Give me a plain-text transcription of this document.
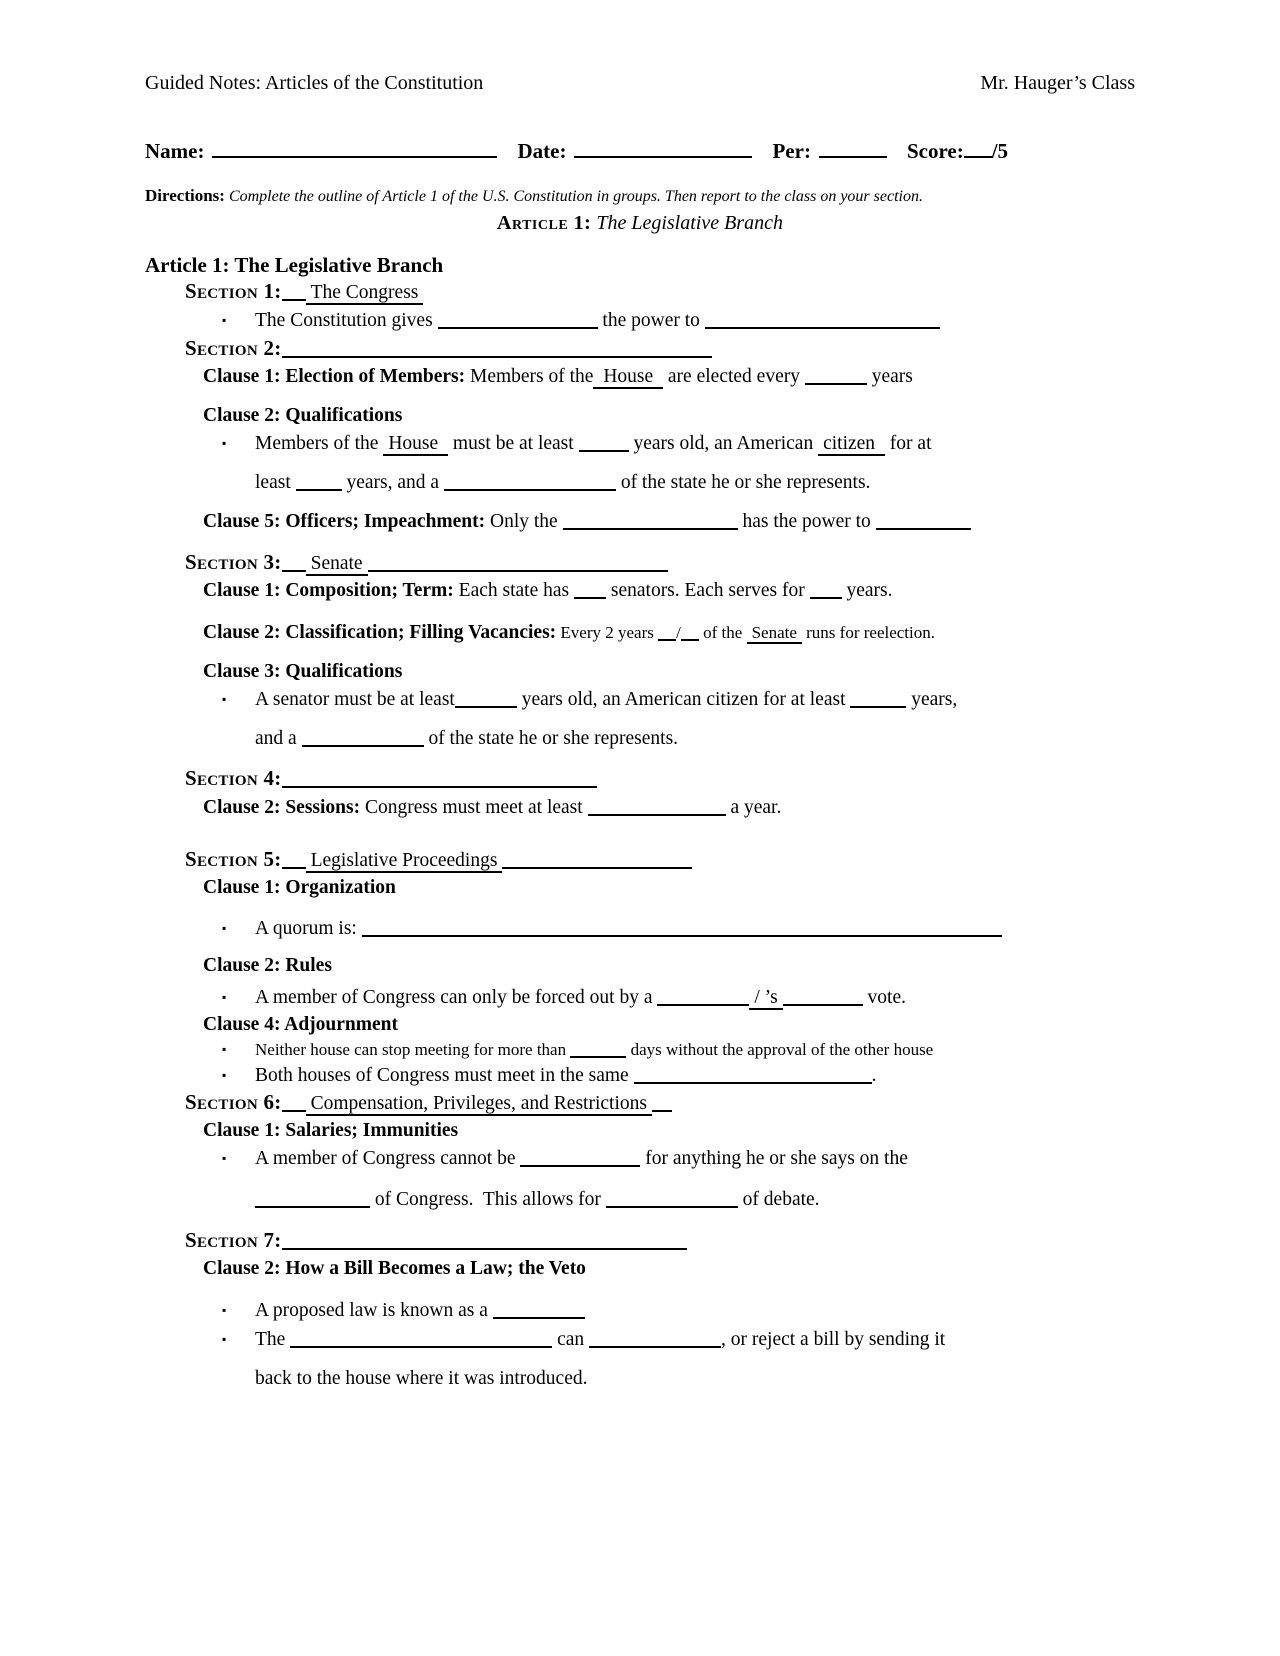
Guided Notes: Articles of the Constitution	Mr. Hauger’s Class
Name:	Date:	Per:	Score: /5
Directions: Complete the outline of Article 1 of the U.S. Constitution in groups. Then report to the class on your section.
Article 1: The Legislative Branch
Article 1: The Legislative Branch
Section 1: The Congress
▪ The Constitution gives	the power to
Section 2:
Clause 1: Election of Members: Members of the House  are elected every	years
Clause 2: Qualifications
▪ Members of the House  must be at least	years old, an American citizen  for at
least  years, and a	of the state he or she represents.
Clause 5: Officers; Impeachment: Only the	has the power to
Section 3: Senate
Clause 1: Composition; Term: Each state has  senators. Each serves for  years.
Clause 2: Classification; Filling Vacancies: Every 2 years / of the Senate runs for reelection.
Clause 3: Qualifications
▪ A senator must be at least	years old, an American citizen for at least	years,
and a	of the state he or she represents.
Section 4:
Clause 2: Sessions: Congress must meet at least	a year.
Section 5: Legislative Proceedings
Clause 1: Organization
▪ A quorum is:
Clause 2: Rules
▪ A member of Congress can only be forced out by a	/ ’s	vote.
Clause 4: Adjournment
▪ Neither house can stop meeting for more than	days without the approval of the other house
▪ Both houses of Congress must meet in the same	.
Section 6: Compensation, Privileges, and Restrictions
Clause 1: Salaries; Immunities
▪ A member of Congress cannot be	for anything he or she says on the
of Congress.  This allows for	of debate.
Section 7:
Clause 2: How a Bill Becomes a Law; the Veto
▪ A proposed law is known as a
▪ The	can	, or reject a bill by sending it
back to the house where it was introduced.
